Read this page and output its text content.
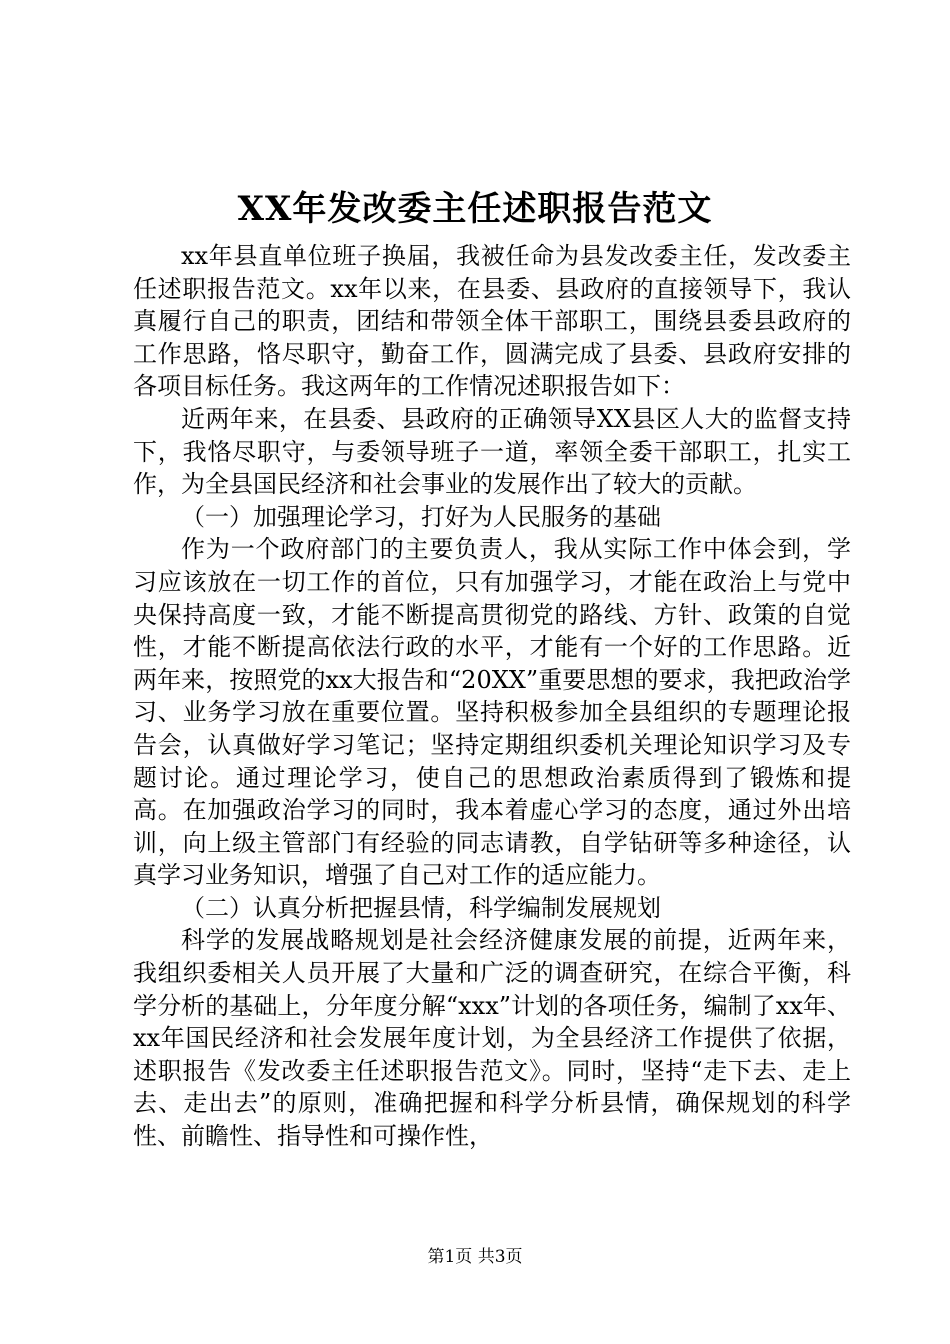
XX年发改委主任述职报告范文

xx年县直单位班子换届，我被任命为县发改委主任，发改委主任述职报告范文。xx年以来，在县委、县政府的直接领导下，我认真履行自己的职责，团结和带领全体干部职工，围绕县委县政府的工作思路，恪尽职守，勤奋工作，圆满完成了县委、县政府安排的各项目标任务。我这两年的工作情况述职报告如下：

近两年来，在县委、县政府的正确领导XX县区人大的监督支持下，我恪尽职守，与委领导班子一道，率领全委干部职工，扎实工作，为全县国民经济和社会事业的发展作出了较大的贡献。

（一）加强理论学习，打好为人民服务的基础

作为一个政府部门的主要负责人，我从实际工作中体会到，学习应该放在一切工作的首位，只有加强学习，才能在政治上与党中央保持高度一致，才能不断提高贯彻党的路线、方针、政策的自觉性，才能不断提高依法行政的水平，才能有一个好的工作思路。近两年来，按照党的xx大报告和“20XX”重要思想的要求，我把政治学习、业务学习放在重要位置。坚持积极参加全县组织的专题理论报告会，认真做好学习笔记；坚持定期组织委机关理论知识学习及专题讨论。通过理论学习，使自己的思想政治素质得到了锻炼和提高。在加强政治学习的同时，我本着虚心学习的态度，通过外出培训，向上级主管部门有经验的同志请教，自学钻研等多种途径，认真学习业务知识，增强了自己对工作的适应能力。

（二）认真分析把握县情，科学编制发展规划

科学的发展战略规划是社会经济健康发展的前提，近两年来，我组织委相关人员开展了大量和广泛的调查研究，在综合平衡，科学分析的基础上，分年度分解“xxx”计划的各项任务，编制了xx年、xx年国民经济和社会发展年度计划，为全县经济工作提供了依据，述职报告《发改委主任述职报告范文》。同时，坚持“走下去、走上去、走出去”的原则，准确把握和科学分析县情，确保规划的科学性、前瞻性、指导性和可操作性，

第1页 共3页
